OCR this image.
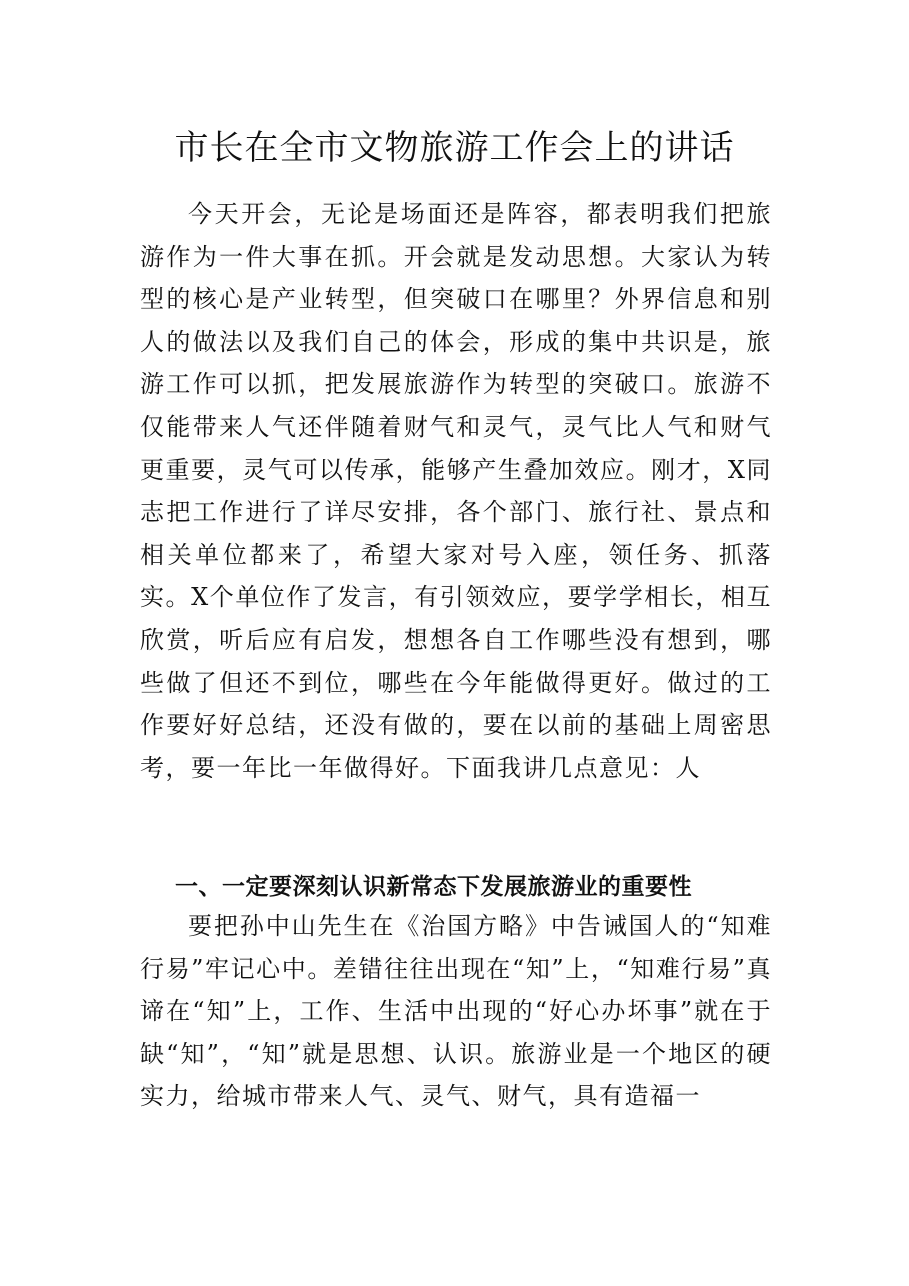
市长在全市文物旅游工作会上的讲话

今天开会，无论是场面还是阵容，都表明我们把旅游作为一件大事在抓。开会就是发动思想。大家认为转型的核心是产业转型，但突破口在哪里？外界信息和别人的做法以及我们自己的体会，形成的集中共识是，旅游工作可以抓，把发展旅游作为转型的突破口。旅游不仅能带来人气还伴随着财气和灵气，灵气比人气和财气更重要，灵气可以传承，能够产生叠加效应。刚才，X同志把工作进行了详尽安排，各个部门、旅行社、景点和相关单位都来了，希望大家对号入座，领任务、抓落实。X个单位作了发言，有引领效应，要学学相长，相互欣赏，听后应有启发，想想各自工作哪些没有想到，哪些做了但还不到位，哪些在今年能做得更好。做过的工作要好好总结，还没有做的，要在以前的基础上周密思考，要一年比一年做得好。下面我讲几点意见：人

一、一定要深刻认识新常态下发展旅游业的重要性

要把孙中山先生在《治国方略》中告诫国人的“知难行易”牢记心中。差错往往出现在“知”上，“知难行易”真谛在“知”上，工作、生活中出现的“好心办坏事”就在于缺“知”，“知”就是思想、认识。旅游业是一个地区的硬实力，给城市带来人气、灵气、财气，具有造福一
